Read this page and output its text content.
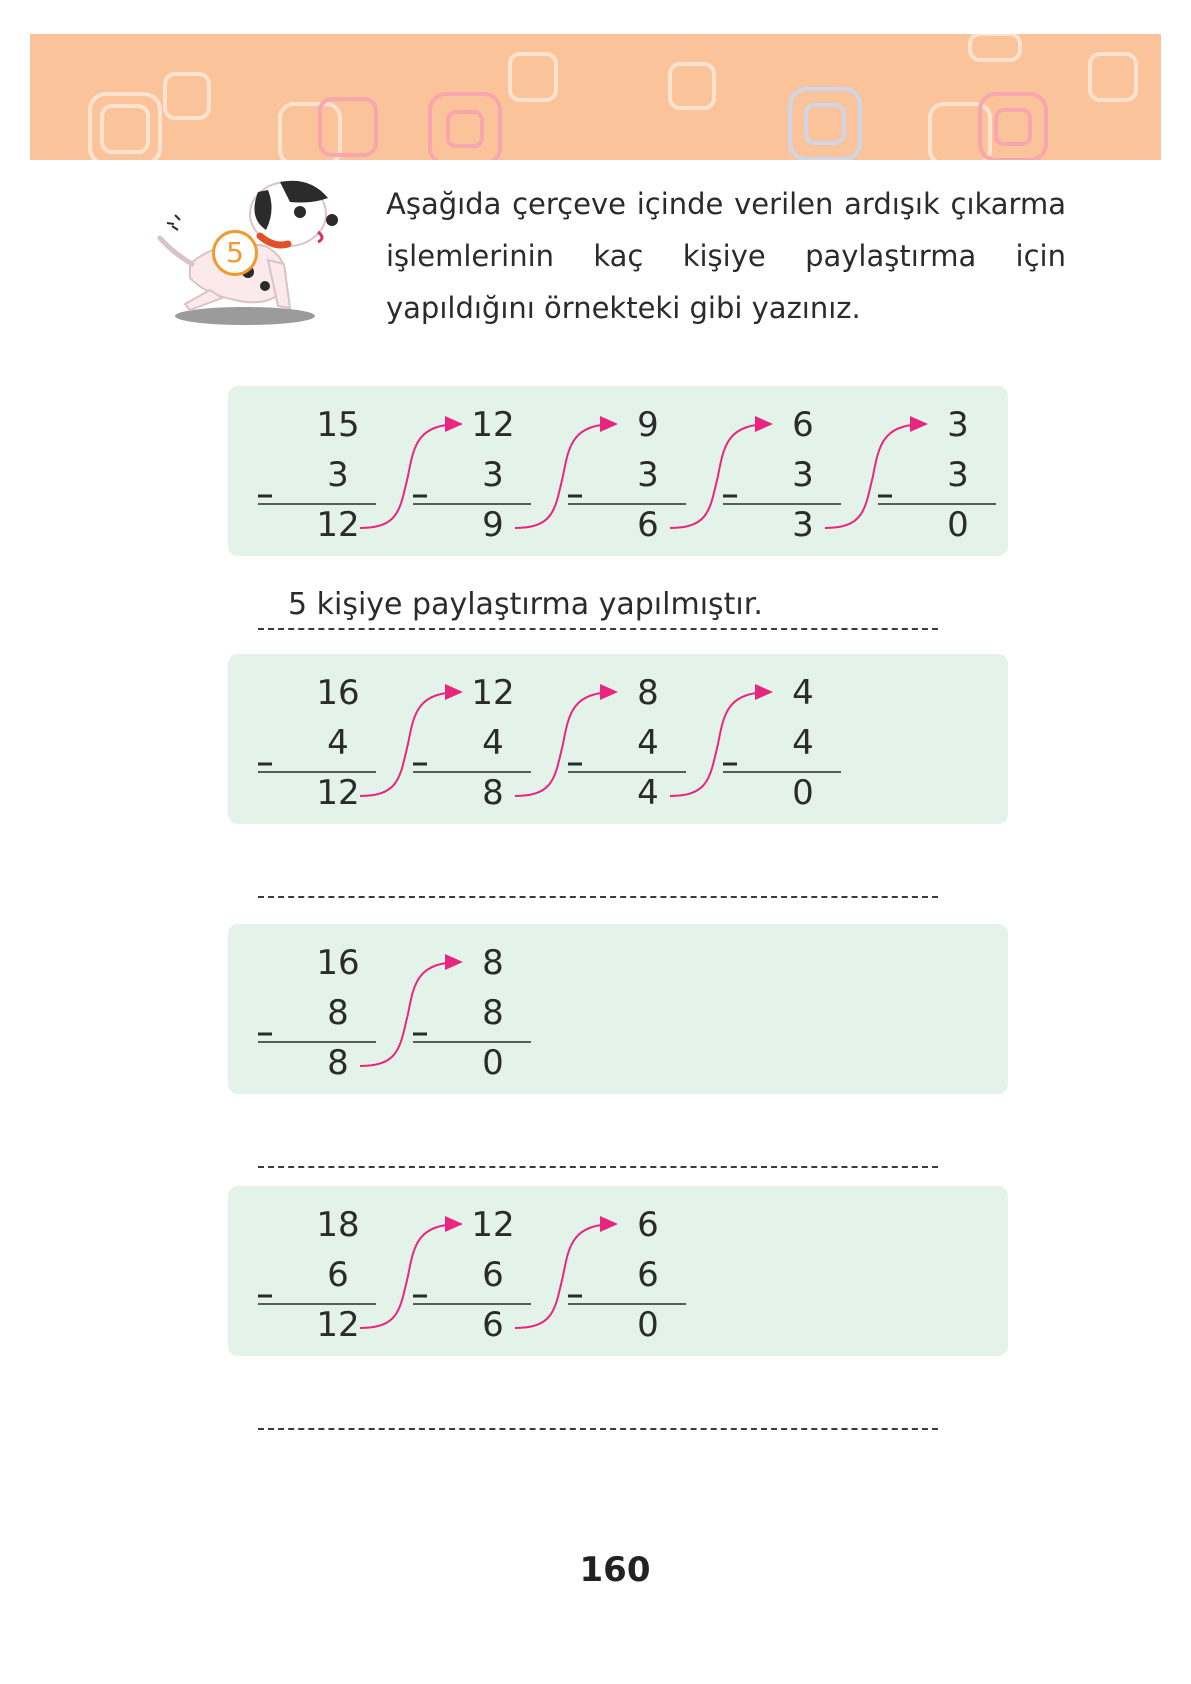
5
Aşağıda çerçeve içinde verilen ardışık çıkarma işlemlerinin kaç kişiye paylaştırma için yapıldığını örnekteki gibi yazınız.
15
3
12
12
3
9
9
3
6
6
3
3
3
3
0
5 kişiye paylaştırma yapılmıştır.
16
4
12
12
4
8
8
4
4
4
4
0
16
8
8
8
8
0
18
6
12
12
6
6
6
6
0
160
